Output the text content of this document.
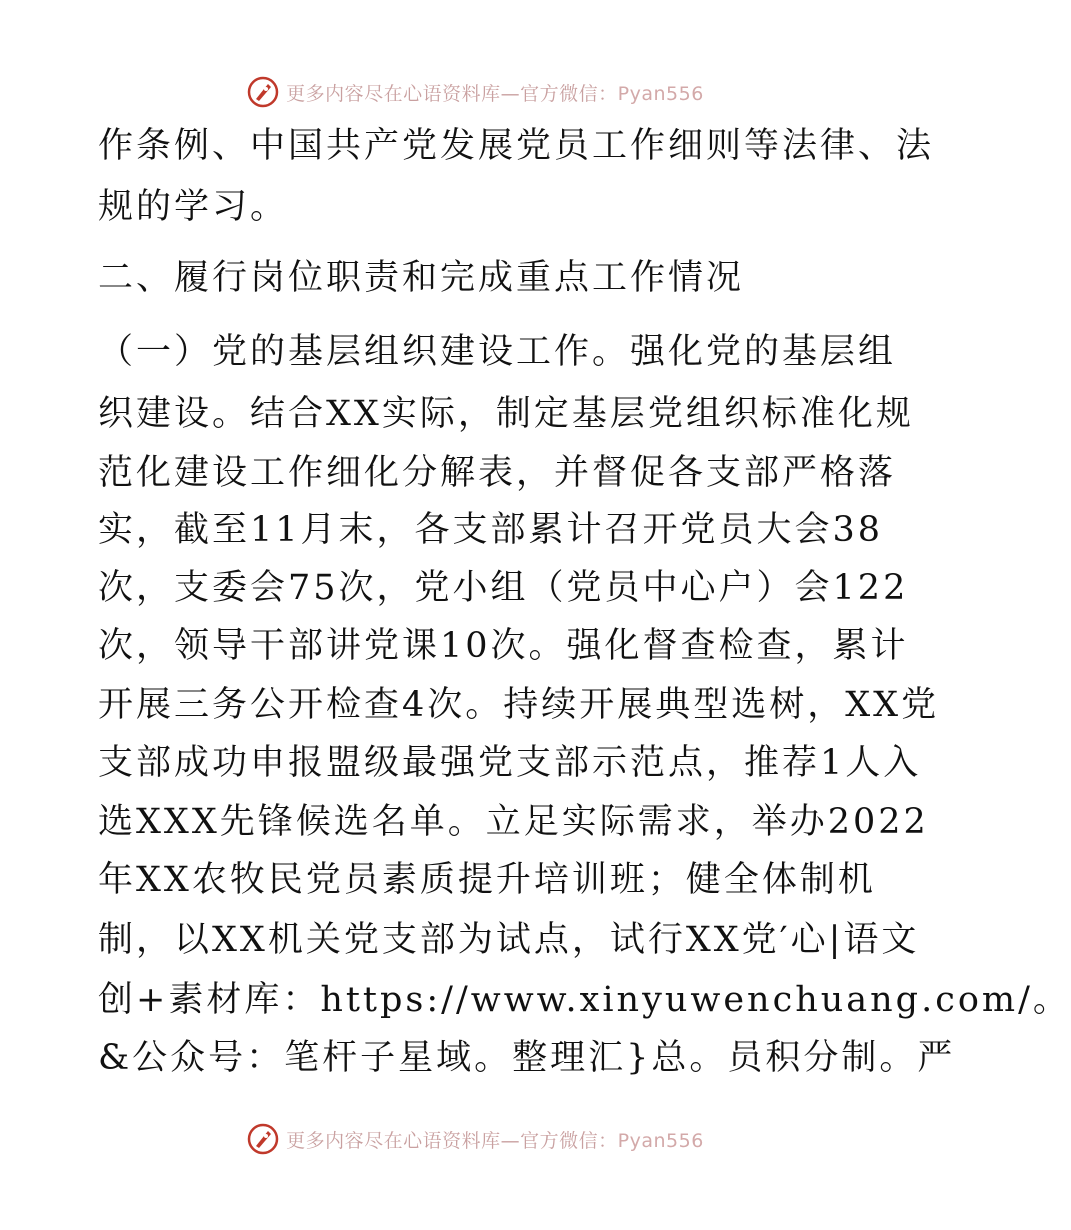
更多内容尽在心语资料库—官方微信：Pyan556
作条例、中国共产党发展党员工作细则等法律、法
规的学习。
二、履行岗位职责和完成重点工作情况
（一）党的基层组织建设工作。强化党的基层组
织建设。结合XX实际，制定基层党组织标准化规
范化建设工作细化分解表，并督促各支部严格落
实，截至11月末，各支部累计召开党员大会38
次，支委会75次，党小组（党员中心户）会122
次，领导干部讲党课10次。强化督查检查，累计
开展三务公开检查4次。持续开展典型选树，XX党
支部成功申报盟级最强党支部示范点，推荐1人入
选XXX先锋候选名单。立足实际需求，举办2022
年XX农牧民党员素质提升培训班；健全体制机
制，以XX机关党支部为试点，试行XX党′心|语文
创+素材库：https://www.xinyuwenchuang.com/。
&公众号：笔杆子星域。整理汇}总。员积分制。严
更多内容尽在心语资料库—官方微信：Pyan556
